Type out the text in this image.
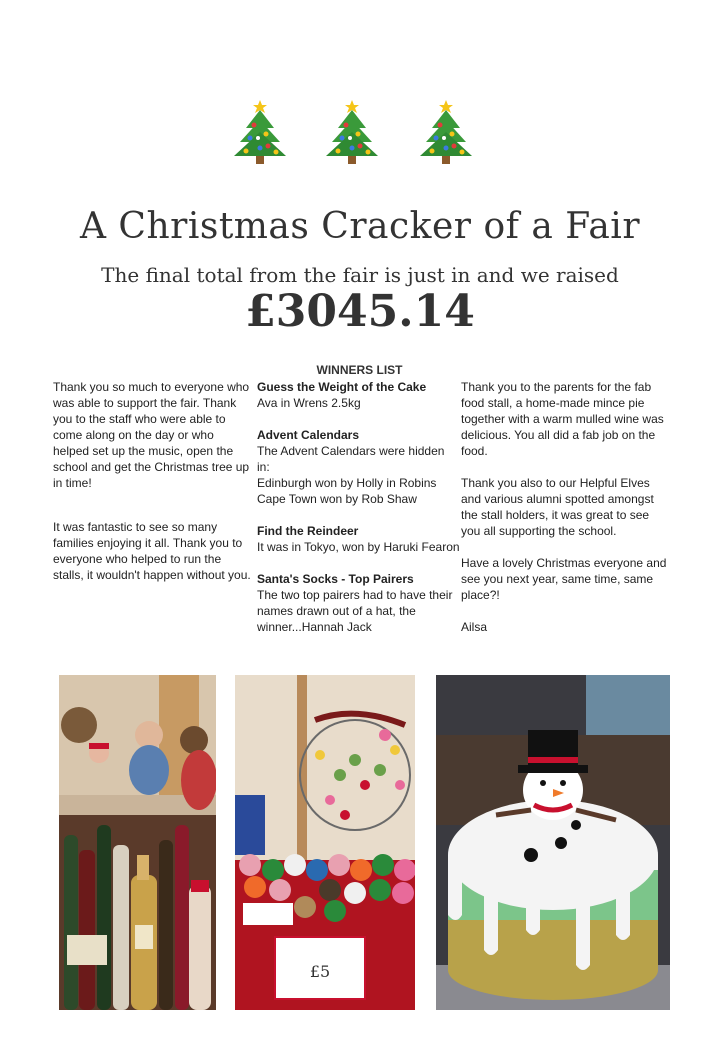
A Christmas Cracker of a Fair
The final total from the fair is just in and we raised
£3045.14

Thank you so much to everyone who was able to support the fair. Thank you to the staff who were able to come along on the day or who helped set up the music, open the school and get the Christmas tree up in time!

It was fantastic to see so many families enjoying it all. Thank you to everyone who helped to run the stalls, it wouldn't happen without you.

WINNERS LIST

Guess the Weight of the Cake
Ava in Wrens 2.5kg

Advent Calendars
The Advent Calendars were hidden in:
Edinburgh won by Holly in Robins
Cape Town won by Rob Shaw

Find the Reindeer
It was in Tokyo, won by Haruki Fearon

Santa's Socks - Top Pairers
The two top pairers had to have their names drawn out of a hat, the winner...Hannah Jack

Thank you to the parents for the fab food stall, a home-made mince pie together with a warm mulled wine was delicious. You all did a fab job on the food.

Thank you also to our Helpful Elves and various alumni spotted amongst the stall holders, it was great to see you all supporting the school.

Have a lovely Christmas everyone and see you next year, same time, same place?!

Ailsa

£5
